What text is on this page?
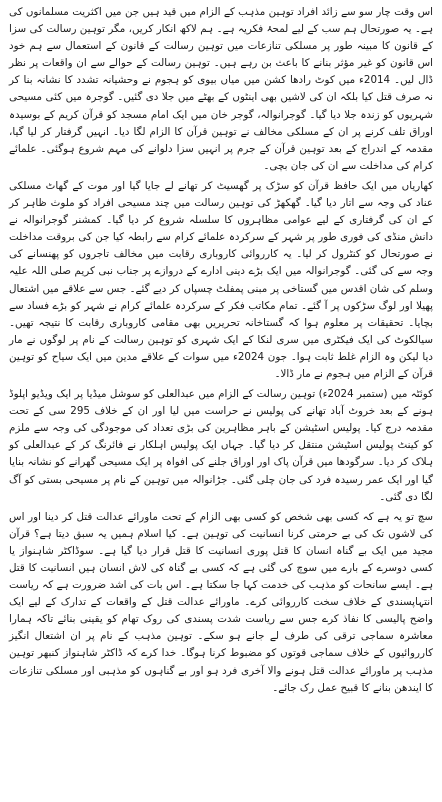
اس وقت چار سو سے زائد افراد توہین مذہب کے الزام میں قید ہیں جن میں اکثریت مسلمانوں کی ہے۔ یہ صورتحال ہم سب کے لیے لمحۂ فکریہ ہے۔ ہم لاکھ انکار کریں، مگر توہین رسالت کی سزا کے قانون کا مبینہ طور پر مسلکی تنازعات میں توہین رسالت کے قانون کے استعمال سے ہم خود اس قانون کو غیر مؤثر بنانے کا باعث بن رہے ہیں۔ توہین رسالت کے حوالے سے ان واقعات پر نظر ڈال لیں۔ 2014ء میں کوٹ رادھا کشن میں میاں بیوی کو ہجوم نے وحشیانہ تشدد کا نشانہ بنا کر نہ صرف قتل کیا بلکہ ان کی لاشیں بھی اینٹوں کے بھٹے میں جلا دی گئیں۔ گوجرہ میں کئی مسیحی شہریوں کو زندہ جلا دیا گیا۔ گوجرانوالہ، گوجر خان میں ایک امام مسجد کو قرآن کریم کے بوسیدہ اوراق تلف کرنے پر ان کے مسلکی مخالف نے توہین قرآن کا الزام لگا دیا۔ انہیں گرفتار کر لیا گیا، مقدمہ کے اندراج کے بعد توہین قرآن کے جرم پر انہیں سزا دلوانے کی مہم شروع ہوگئی۔ علمائے کرام کی مداخلت سے ان کی جان بچی۔

کھاریاں میں ایک حافظ قرآن کو سڑک پر گھسیٹ کر تھانے لے جایا گیا اور موت کے گھاٹ مسلکی عناد کی وجہ سے اتار دیا گیا۔ گھکھڑ کی توہین رسالت میں چند مسیحی افراد کو ملوث ظاہر کر کے ان کی گرفتاری کے لیے عوامی مظاہروں کا سلسلہ شروع کر دیا گیا۔ کمشنر گوجرانوالہ نے دانش منڈی کی فوری طور پر شہر کے سرکردہ علمائے کرام سے رابطہ کیا جن کی بروقت مداخلت نے صورتحال کو کنٹرول کر لیا۔ یہ کارروائی کاروباری رقابت میں مخالف تاجروں کو پھنسانے کی وجہ سے کی گئی۔ گوجرانوالہ میں ایک بڑے دینی ادارے کے دروازے پر جناب نبی کریم صلی اللہ علیہ وسلم کی شان اقدس میں گستاخی پر مبنی پمفلٹ چسپاں کر دیے گئے۔ جس سے علاقے میں اشتعال پھیلا اور لوگ سڑکوں پر آ گئے۔ تمام مکاتب فکر کے سرکردہ علمائے کرام نے شہر کو بڑے فساد سے بچایا۔ تحقیقات پر معلوم ہوا کہ گستاخانہ تحریریں بھی مقامی کاروباری رقابت کا نتیجہ تھیں۔ سیالکوٹ کی ایک فیکٹری میں سری لنکا کے ایک شہری کو توہین رسالت کے نام پر لوگوں نے مار دیا لیکن وہ الزام غلط ثابت ہوا۔ جون 2024ء میں سوات کے علاقے مدین میں ایک سیاح کو توہین قرآن کے الزام میں ہجوم نے مار ڈالا۔

کوئٹہ میں (ستمبر 2024ء) توہین رسالت کے الزام میں عبدالعلی کو سوشل میڈیا پر ایک ویڈیو اپلوڈ ہونے کے بعد خروٹ آباد تھانے کی پولیس نے حراست میں لیا اور ان کے خلاف 295 سی کے تحت مقدمہ درج کیا۔ پولیس اسٹیشن کے باہر مظاہرین کی بڑی تعداد کی موجودگی کی وجہ سے ملزم کو کینٹ پولیس اسٹیشن منتقل کر دیا گیا۔ جہاں ایک پولیس اہلکار نے فائرنگ کر کے عبدالعلی کو ہلاک کر دیا۔ سرگودھا میں قرآن پاک اور اوراق جلنے کی افواہ پر ایک مسیحی گھرانے کو نشانہ بنایا گیا اور ایک عمر رسیدہ فرد کی جان چلی گئی۔ جڑانوالہ میں توہین کے نام پر مسیحی بستی کو آگ لگا دی گئی۔

سچ تو یہ ہے کہ کسی بھی شخص کو کسی بھی الزام کے تحت ماورائے عدالت قتل کر دینا اور اس کی لاشوں تک کی بے حرمتی کرنا انسانیت کی توہین ہے۔ کیا اسلام ہمیں یہ سبق دیتا ہے؟ قرآن مجید میں ایک بے گناہ انسان کا قتل پوری انسانیت کا قتل قرار دیا گیا ہے۔ سوڈاکٹر شاہنواز یا کسی دوسرے کے بارے میں سوچ کی گئی ہے کہ کسی بے گناہ کی لاش انسان ہیں انسانیت کا قتل ہے۔ ایسے سانحات کو مذہب کی خدمت کہا جا سکتا ہے۔ اس بات کی اشد ضرورت ہے کہ ریاست انتہاپسندی کے خلاف سخت کارروائی کرے۔ ماورائے عدالت قتل کے واقعات کے تدارک کے لیے ایک واضح پالیسی کا نفاذ کرے جس سے ریاست شدت پسندی کی روک تھام کو یقینی بنائے تاکہ ہمارا معاشرہ سماجی ترقی کی طرف لے جانے ہو سکے۔ توہین مذہب کے نام پر ان اشتعال انگیز کارروائیوں کے خلاف سماجی قوتوں کو مضبوط کرنا ہوگا۔ خدا کرے کہ ڈاکٹر شاہنواز کنبھر توہین مذہب پر ماورائے عدالت قتل ہونے والا آخری فرد ہو اور بے گناہوں کو مذہبی اور مسلکی تنازعات کا ایندھن بنانے کا قبیح عمل رک جائے۔
